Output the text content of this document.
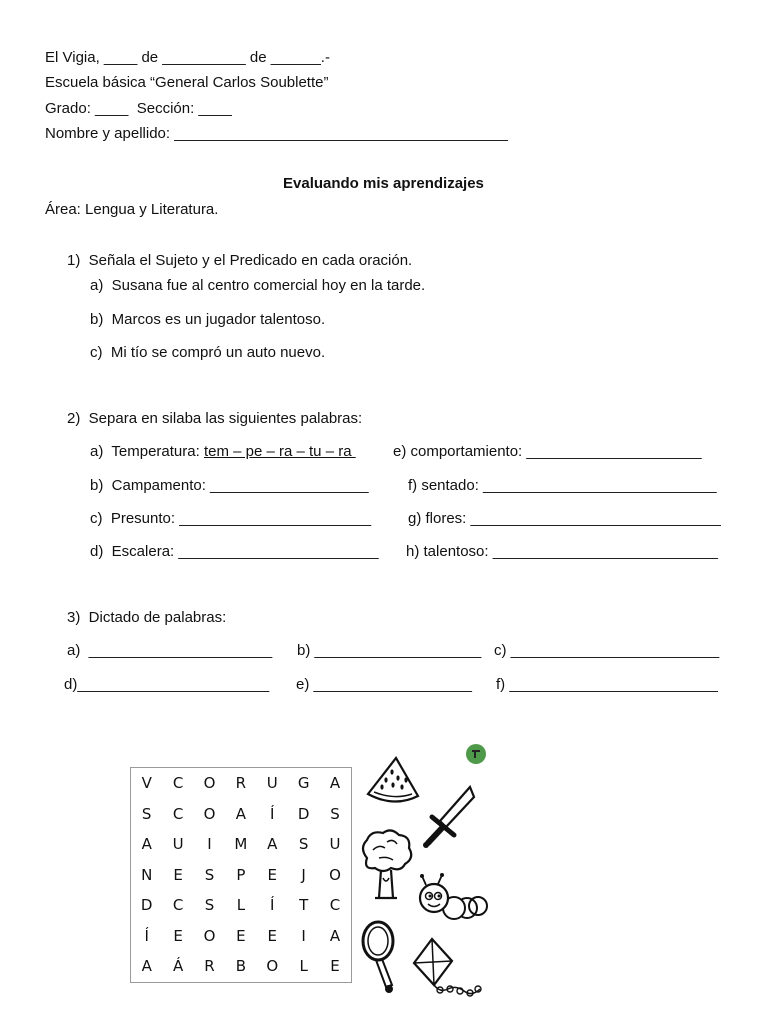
El Vigia, ____ de __________ de ______.-
Escuela básica “General Carlos Soublette”
Grado: ____  Sección: ____
Nombre y apellido: ________________________________________
Evaluando mis aprendizajes
Área: Lengua y Literatura.
1)  Señala el Sujeto y el Predicado en cada oración.
a)  Susana fue al centro comercial hoy en la tarde.
b)  Marcos es un jugador talentoso.
c)  Mi tío se compró un auto nuevo.
2)  Separa en silaba las siguientes palabras:
a)  Temperatura: tem – pe – ra – tu – ra
b)  Campamento: ___________________
c)  Presunto: _______________________
d)  Escalera: ________________________
e) comportamiento: _____________________
f) sentado: ____________________________
g) flores: ______________________________
h) talentoso: ___________________________
3)  Dictado de palabras:
a)  ______________________ b) ____________________ c) _________________________
d)_______________________ e) ___________________ f) _________________________
V	C	O	R	U	G	A
S	C	O	A	Í	D	S
A	U	I	M	A	S	U
N	E	S	P	E	J	O
D	C	S	L	Í	T	C
Í	E	O	E	E	I	A
A	Á	R	B	O	L	E
